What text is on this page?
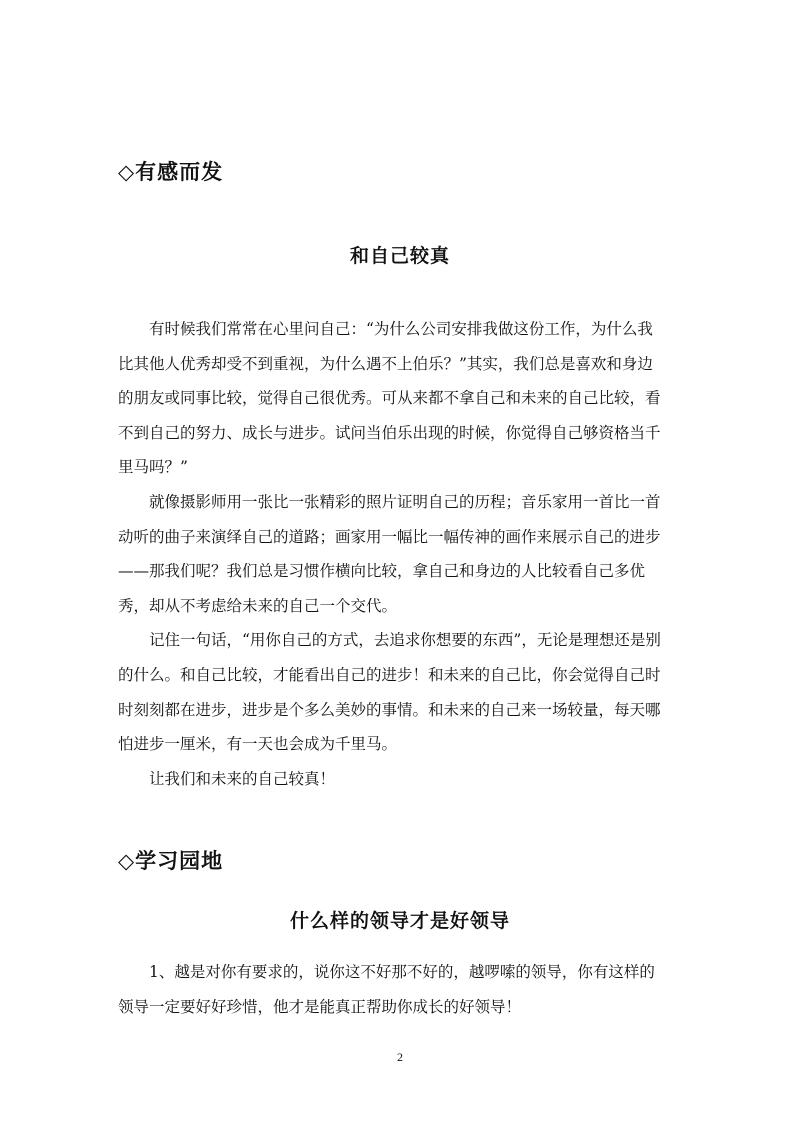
◇有感而发
和自己较真
有时候我们常常在心里问自己：“为什么公司安排我做这份工作，为什么我
比其他人优秀却受不到重视，为什么遇不上伯乐？”其实，我们总是喜欢和身边
的朋友或同事比较，觉得自己很优秀。可从来都不拿自己和未来的自己比较，看
不到自己的努力、成长与进步。试问当伯乐出现的时候，你觉得自己够资格当千
里马吗？”
就像摄影师用一张比一张精彩的照片证明自己的历程；音乐家用一首比一首
动听的曲子来演绎自己的道路；画家用一幅比一幅传神的画作来展示自己的进步
——那我们呢？我们总是习惯作横向比较，拿自己和身边的人比较看自己多优
秀，却从不考虑给未来的自己一个交代。
记住一句话，“用你自己的方式，去追求你想要的东西”，无论是理想还是别
的什么。和自己比较，才能看出自己的进步！和未来的自己比，你会觉得自己时
时刻刻都在进步，进步是个多么美妙的事情。和未来的自己来一场较量，每天哪
怕进步一厘米，有一天也会成为千里马。
让我们和未来的自己较真！
◇学习园地
什么样的领导才是好领导
1、越是对你有要求的，说你这不好那不好的，越啰嗦的领导，你有这样的
领导一定要好好珍惜，他才是能真正帮助你成长的好领导！
2
